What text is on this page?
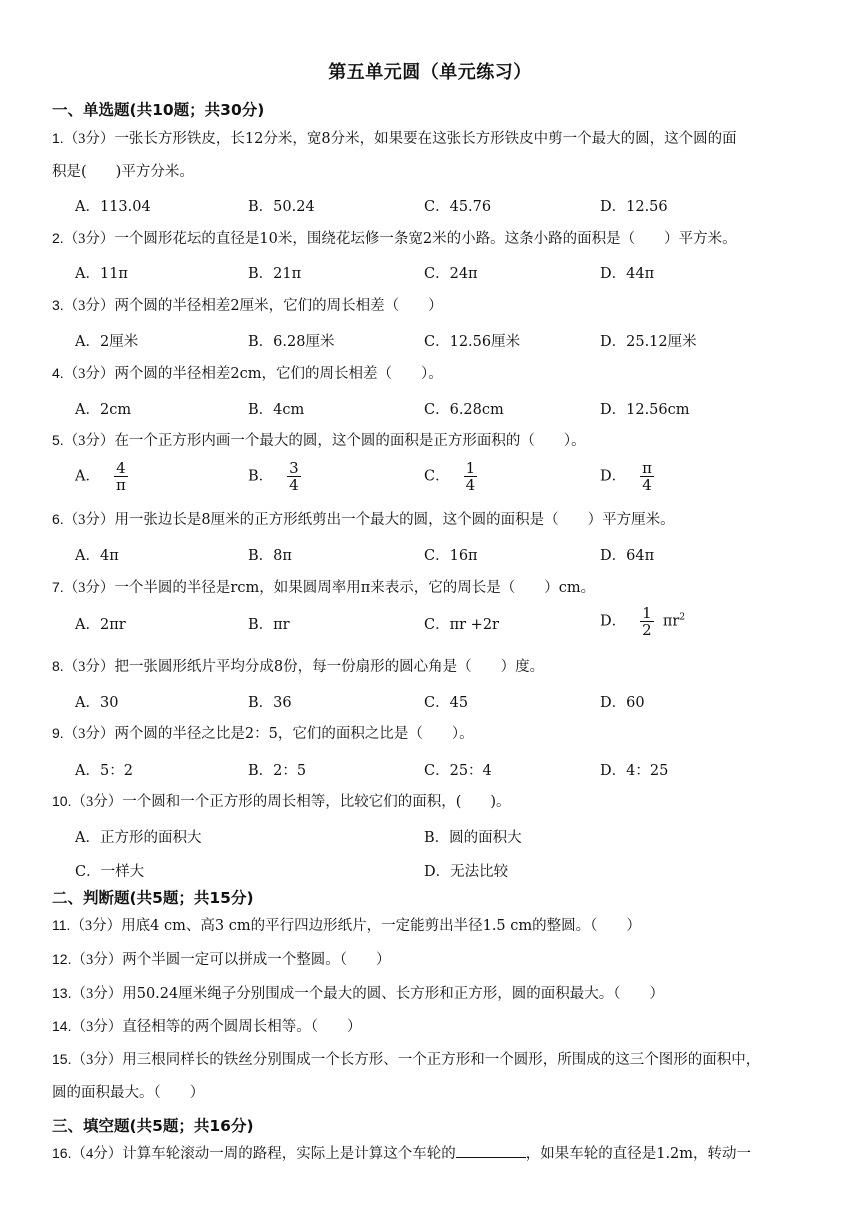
第五单元圆（单元练习）
一、单选题(共10题；共30分)
1.（3分）一张长方形铁皮，长12分米，宽8分米，如果要在这张长方形铁皮中剪一个最大的圆，这个圆的面
积是(　　)平方分米。
A．113.04	B．50.24	C．45.76	D．12.56
2.（3分）一个圆形花坛的直径是10米，围绕花坛修一条宽2米的小路。这条小路的面积是（　　）平方米。
A．11π	B．21π	C．24π	D．44π
3.（3分）两个圆的半径相差2厘米，它们的周长相差（　　）
A．2厘米	B．6.28厘米	C．12.56厘米	D．25.12厘米
4.（3分）两个圆的半径相差2cm，它们的周长相差（　　）。
A．2cm	B．4cm	C．6.28cm	D．12.56cm
5.（3分）在一个正方形内画一个最大的圆，这个圆的面积是正方形面积的（　　）。
A． $\frac{4}{\pi}$	B． $\frac{3}{4}$	C． $\frac{1}{4}$	D． $\frac{\pi}{4}$
6.（3分）用一张边长是8厘米的正方形纸剪出一个最大的圆，这个圆的面积是（　　）平方厘米。
A．4π	B．8π	C．16π	D．64π
7.（3分）一个半圆的半径是rcm，如果圆周率用π来表示，它的周长是（　　）cm。
A．2πr	B．πr	C．πr +2r	D． $\frac{1}{2} \pi r^2$
8.（3分）把一张圆形纸片平均分成8份，每一份扇形的圆心角是（　　）度。
A．30	B．36	C．45	D．60
9.（3分）两个圆的半径之比是2：5，它们的面积之比是（　　）。
A．5：2	B．2：5	C．25：4	D．4：25
10.（3分）一个圆和一个正方形的周长相等，比较它们的面积，(　　)。
A．正方形的面积大	B．圆的面积大
C．一样大	D．无法比较
二、判断题(共5题；共15分)
11.（3分）用底4 cm、高3 cm的平行四边形纸片，一定能剪出半径1.5 cm的整圆。（　　）
12.（3分）两个半圆一定可以拼成一个整圆。（　　）
13.（3分）用50.24厘米绳子分别围成一个最大的圆、长方形和正方形，圆的面积最大。（　　）
14.（3分）直径相等的两个圆周长相等。（　　）
15.（3分）用三根同样长的铁丝分别围成一个长方形、一个正方形和一个圆形，所围成的这三个图形的面积中，
圆的面积最大。（　　）
三、填空题(共5题；共16分)
16.（4分）计算车轮滚动一周的路程，实际上是计算这个车轮的	，如果车轮的直径是1.2m，转动一
